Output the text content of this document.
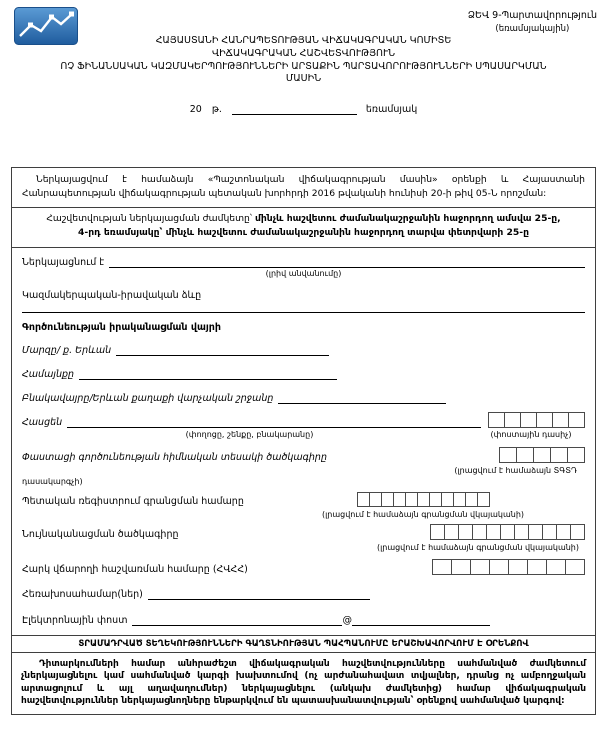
ՁԵՎ 9-Պարտավորություն
(եռամսյակային)
ՀԱՅԱՍՏԱՆԻ ՀԱՆՐԱՊԵՏՈՒԹՅԱՆ ՎԻՃԱԿԱԳՐԱԿԱՆ ԿՈՄԻՏԵ
ՎԻՃԱԿԱԳՐԱԿԱՆ ՀԱՇՎԵՏՎՈՒԹՅՈՒՆ
ՈՉ ՖԻՆԱՆՍԱԿԱՆ ԿԱԶՄԱԿԵՐՊՈՒԹՅՈՒՆՆԵՐԻ ԱՐՏԱՔԻՆ ՊԱՐՏԱՎՈՐՈՒԹՅՈՒՆՆԵՐԻ ՍՊԱՍԱՐԿՄԱՆ
ՄԱՍԻՆ
20 թ.	եռամսյակ

Ներկայացվում է համաձայն «Պաշտոնական վիճակագրության մասին» օրենքի և Հայաստանի Հանրապետության վիճակագրության պետական խորհրդի 2016 թվականի հունիսի 20-ի թիվ 05-Ն որոշման:

Հաշվետվության ներկայացման ժամկետը՝ մինչև հաշվետու ժամանակաշրջանին հաջորդող ամսվա 25-ը,
4-րդ եռամսյակը՝ մինչև հաշվետու ժամանակաշրջանին հաջորդող տարվա փետրվարի 25-ը
Ներկայացնում է
(լրիվ անվանումը)
Կազմակերպական-իրավական ձևը
Գործունեության իրականացման վայրի
Մարզը/ ք. Երևան
Համայնքը
Բնակավայրը/Երևան քաղաքի վարչական շրջանը
Հասցեն
(փողոցը, շենքը, բնակարանը)	(փոստային դասիչ)
Փաստացի գործունեության հիմնական տեսակի ծածկագիրը
(լրացվում է համաձայն ՏԳՏԴ
դասակարգչի)
Պետական ռեգիստրում գրանցման համարը
(լրացվում է համաձայն գրանցման վկայականի)
Նույնականացման ծածկագիրը
(լրացվում է համաձայն գրանցման վկայականի)
Հարկ վճարողի հաշվառման համարը (ՀՎՀՀ)
Հեռախոսահամար(ներ)
Էլեկտրոնային փոստ	@
ՏՐԱՄԱԴՐՎԱԾ ՏԵՂԵԿՈՒԹՅՈՒՆՆԵՐԻ ԳԱՂՏՆԻՈՒԹՅԱՆ ՊԱՀՊԱՆՈՒՄԸ ԵՐԱՇԽԱՎՈՐՎՈՒՄ Է ՕՐԵՆՔՈՎ

Դիտարկումների համար անհրաժեշտ վիճակագրական հաշվետվությունները սահմանված ժամկետում չներկայացնելու կամ սահմանված կարգի խախտումով (ոչ արժանահավատ տվյալներ, դրանց ոչ ամբողջական արտացոլում և այլ աղավաղումներ) ներկայացնելու (անկախ ժամկետից) համար վիճակագրական հաշվետվություններ ներկայացնողները ենթարկվում են պատասխանատվության՝ օրենքով սահմանված կարգով:
